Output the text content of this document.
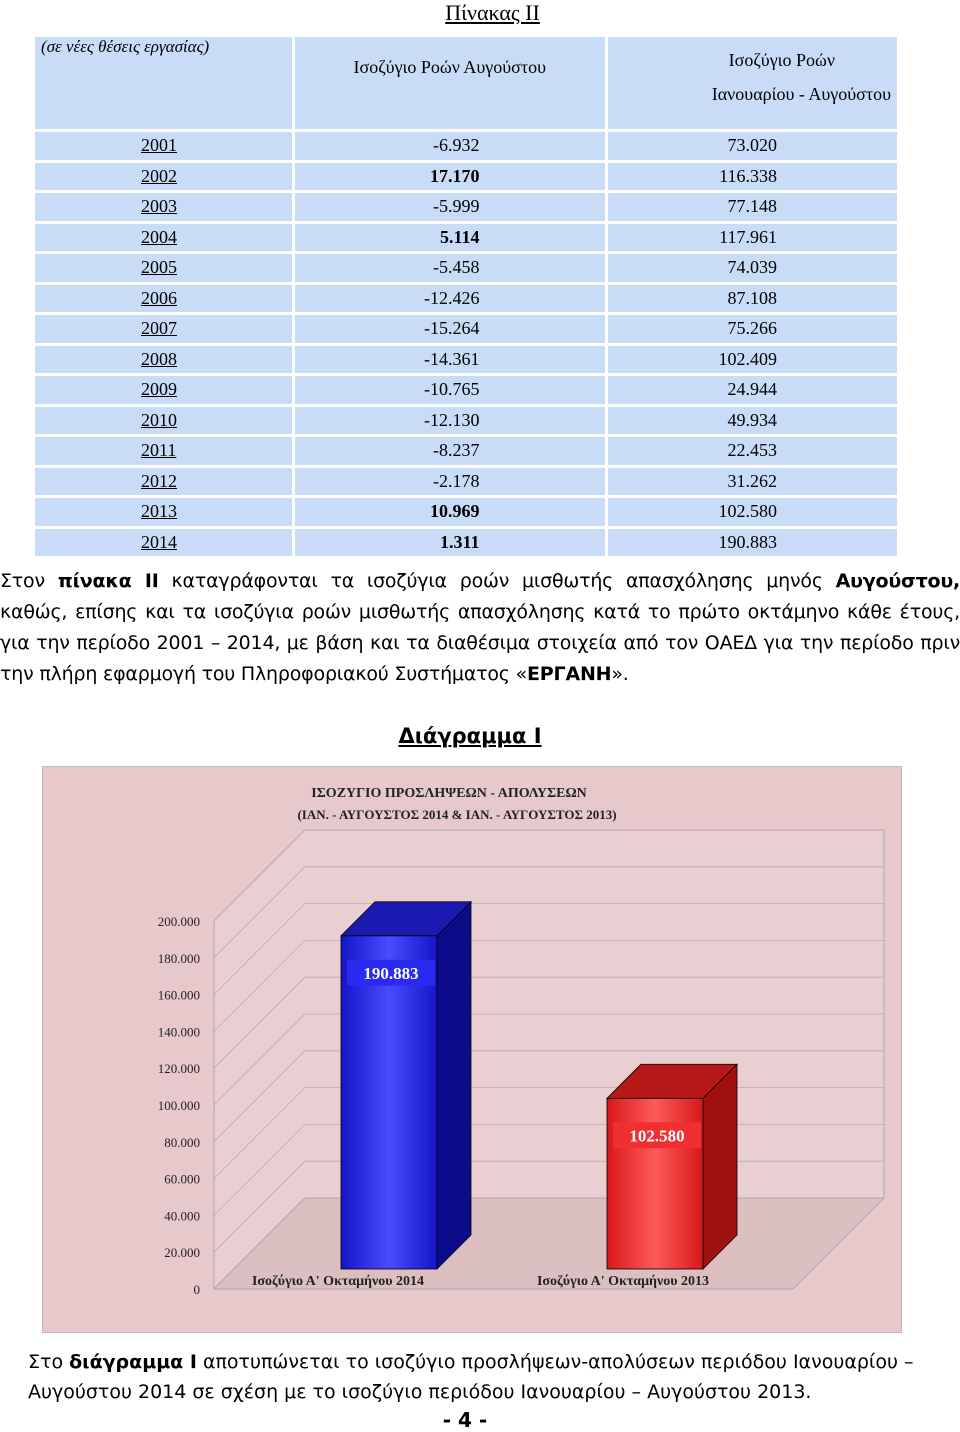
Πίνακας ΙΙ
(σε νέες θέσεις εργασίας)	Ισοζύγιο Ροών Αυγούστου	Ισοζύγιο Ροών
Ιανουαρίου - Αυγούστου
2001	-6.932	73.020
2002	17.170	116.338
2003	-5.999	77.148
2004	5.114	117.961
2005	-5.458	74.039
2006	-12.426	87.108
2007	-15.264	75.266
2008	-14.361	102.409
2009	-10.765	24.944
2010	-12.130	49.934
2011	-8.237	22.453
2012	-2.178	31.262
2013	10.969	102.580
2014	1.311	190.883
Στον πίνακα ΙΙ καταγράφονται τα ισοζύγια ροών μισθωτής απασχόλησης μηνός Αυγούστου, καθώς, επίσης και τα ισοζύγια ροών μισθωτής απασχόλησης κατά το πρώτο οκτάμηνο κάθε έτους, για την περίοδο 2001 – 2014, με βάση και τα διαθέσιμα στοιχεία από τον ΟΑΕΔ για την περίοδο πριν την πλήρη εφαρμογή του Πληροφοριακού Συστήματος «ΕΡΓΑΝΗ».
Διάγραμμα Ι
ΙΣΟΖΥΓΙΟ ΠΡΟΣΛΗΨΕΩΝ - ΑΠΟΛΥΣΕΩΝ
(ΙΑΝ. - ΑΥΓΟΥΣΤΟΣ 2014 & ΙΑΝ. - ΑΥΓΟΥΣΤΟΣ 2013)
0
20.000
40.000
60.000
80.000
100.000
120.000
140.000
160.000
180.000
200.000
190.883
Ισοζύγιο Α' Οκταμήνου 2014
102.580
Ισοζύγιο Α' Οκταμήνου 2013
Στο διάγραμμα Ι αποτυπώνεται το ισοζύγιο προσλήψεων-απολύσεων περιόδου Ιανουαρίου – Αυγούστου 2014 σε σχέση με το ισοζύγιο περιόδου Ιανουαρίου – Αυγούστου 2013.
- 4 -
